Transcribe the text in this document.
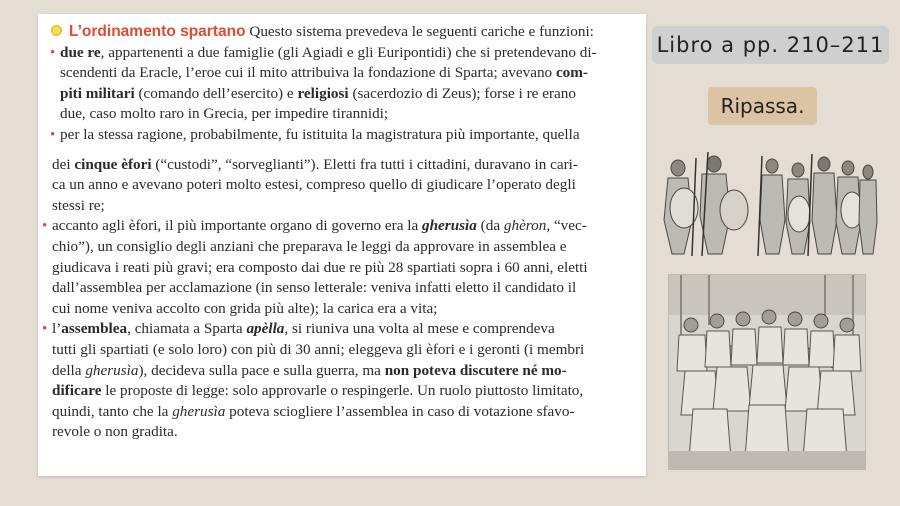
L’ordinamento spartano Questo sistema prevedeva le seguenti cariche e funzioni:

• due re, appartenenti a due famiglie (gli Agiadi e gli Euripontidi) che si pretendevano di-
scendenti da Eracle, l’eroe cui il mito attribuiva la fondazione di Sparta; avevano com-
piti militari (comando dell’esercito) e religiosi (sacerdozio di Zeus); forse i re erano
due, caso molto raro in Grecia, per impedire tirannidi;
• per la stessa ragione, probabilmente, fu istituita la magistratura più importante, quella
dei cinque èfori (“custodi”, “sorveglianti”). Eletti fra tutti i cittadini, duravano in cari-
ca un anno e avevano poteri molto estesi, compreso quello di giudicare l’operato degli
stessi re;
• accanto agli èfori, il più importante organo di governo era la gherusìa (da ghèron, “vec-
chio”), un consiglio degli anziani che preparava le leggi da approvare in assemblea e
giudicava i reati più gravi; era composto dai due re più 28 spartiati sopra i 60 anni, eletti
dall’assemblea per acclamazione (in senso letterale: veniva infatti eletto il candidato il
cui nome veniva accolto con grida più alte); la carica era a vita;
• l’assemblea, chiamata a Sparta apèlla, si riuniva una volta al mese e comprendeva
tutti gli spartiati (e solo loro) con più di 30 anni; eleggeva gli èfori e i geronti (i membri
della gherusìa), decideva sulla pace e sulla guerra, ma non poteva discutere né mo-
dificare le proposte di legge: solo approvarle o respingerle. Un ruolo piuttosto limitato,
quindi, tanto che la gherusìa poteva sciogliere l’assemblea in caso di votazione sfavo-
revole o non gradita.
Libro a pp. 210–211
Ripassa.
